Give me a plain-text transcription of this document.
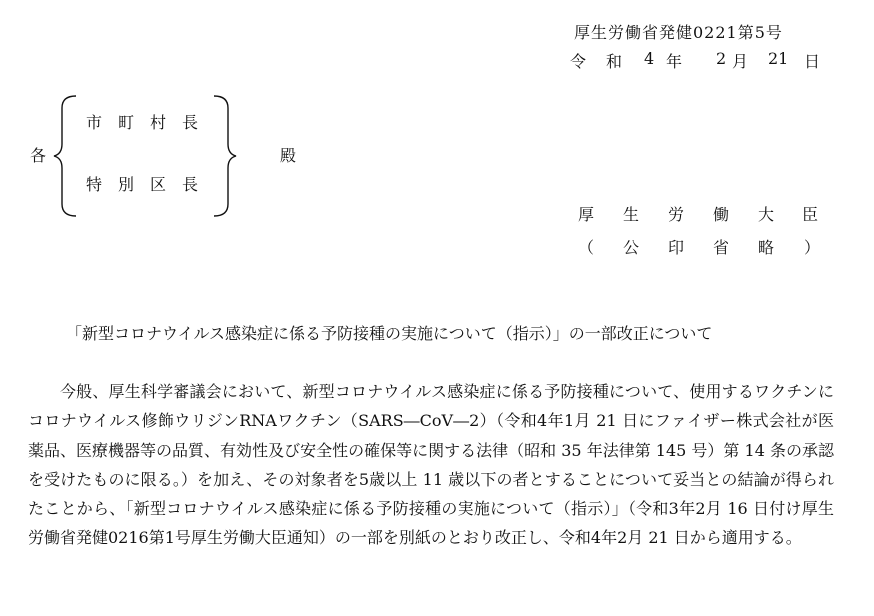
厚生労働省発健0221第5号
令 和 4 年 2 月 21 日
各
市 町 村 長
特 別 区 長
殿
厚 生 労 働 大 臣
（ 公 印 省 略 ）
「新型コロナウイルス感染症に係る予防接種の実施について（指示）」の一部改正について

今般、厚生科学審議会において、新型コロナウイルス感染症に係る予防接種について、使用するワクチンにコロナウイルス修飾ウリジンRNAワクチン（SARS―CoV―2）（令和4年1月 21 日にファイザー株式会社が医薬品、医療機器等の品質、有効性及び安全性の確保等に関する法律（昭和 35 年法律第 145 号）第 14 条の承認を受けたものに限る。）を加え、その対象者を5歳以上 11 歳以下の者とすることについて妥当との結論が得られたことから、「新型コロナウイルス感染症に係る予防接種の実施について（指示）」（令和3年2月 16 日付け厚生労働省発健0216第1号厚生労働大臣通知）の一部を別紙のとおり改正し、令和4年2月 21 日から適用する。
